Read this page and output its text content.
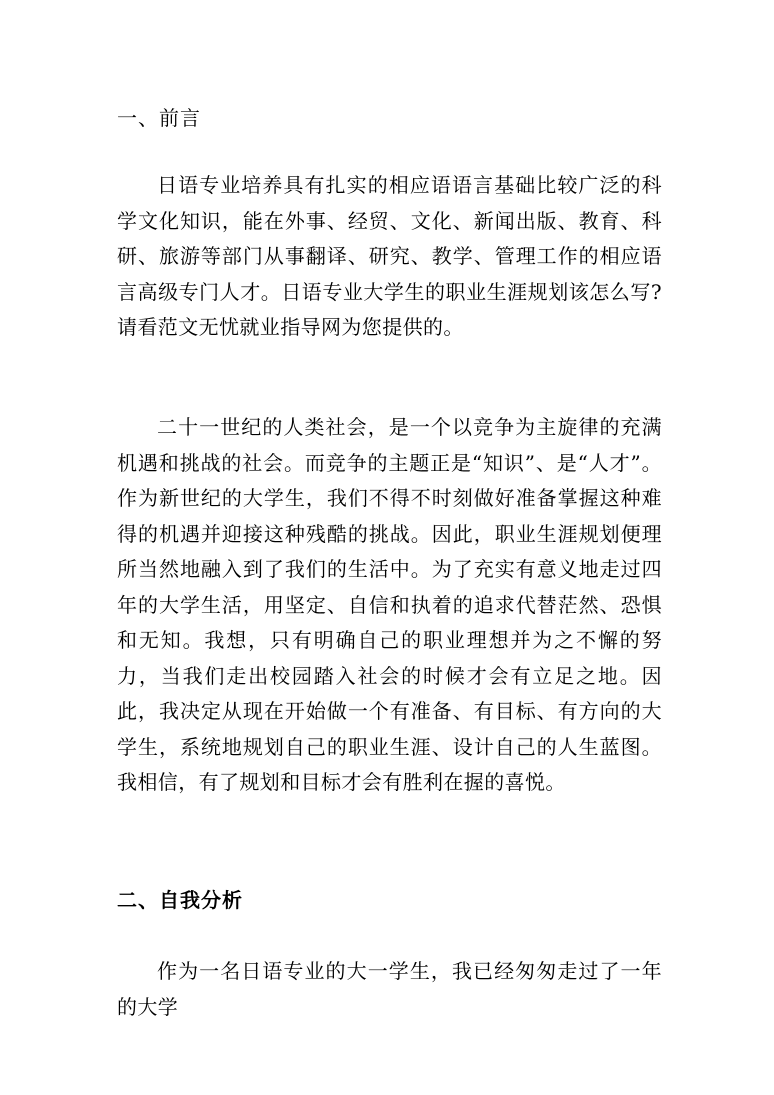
一、前言

日语专业培养具有扎实的相应语语言基础比较广泛的科学文化知识，能在外事、经贸、文化、新闻出版、教育、科研、旅游等部门从事翻译、研究、教学、管理工作的相应语言高级专门人才。日语专业大学生的职业生涯规划该怎么写?请看范文无忧就业指导网为您提供的。

二十一世纪的人类社会，是一个以竞争为主旋律的充满机遇和挑战的社会。而竞争的主题正是“知识”、是“人才”。作为新世纪的大学生，我们不得不时刻做好准备掌握这种难得的机遇并迎接这种残酷的挑战。因此，职业生涯规划便理所当然地融入到了我们的生活中。为了充实有意义地走过四年的大学生活，用坚定、自信和执着的追求代替茫然、恐惧和无知。我想，只有明确自己的职业理想并为之不懈的努力，当我们走出校园踏入社会的时候才会有立足之地。因此，我决定从现在开始做一个有准备、有目标、有方向的大学生，系统地规划自己的职业生涯、设计自己的人生蓝图。我相信，有了规划和目标才会有胜利在握的喜悦。

二、自我分析

作为一名日语专业的大一学生，我已经匆匆走过了一年的大学
